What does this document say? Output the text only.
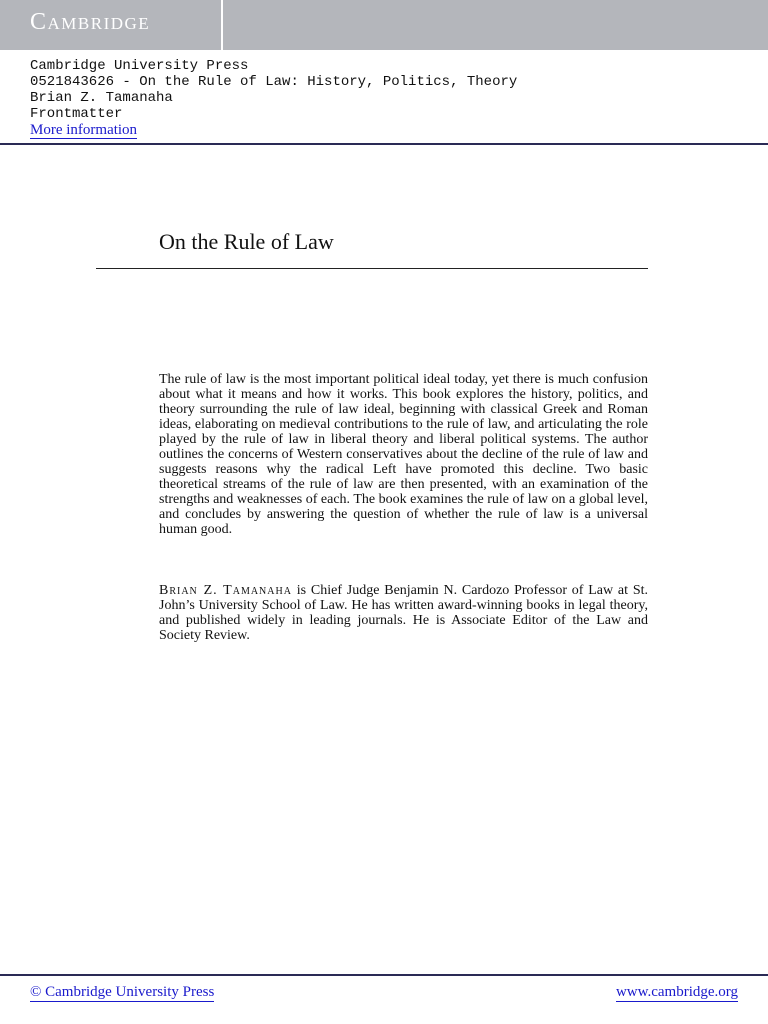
Cambridge
Cambridge University Press
0521843626 - On the Rule of Law: History, Politics, Theory
Brian Z. Tamanaha
Frontmatter
More information
On the Rule of Law

The rule of law is the most important political ideal today, yet there is much confusion about what it means and how it works. This book explores the history, politics, and theory surrounding the rule of law ideal, beginning with classical Greek and Roman ideas, elaborating on medieval contributions to the rule of law, and articulating the role played by the rule of law in liberal theory and liberal political systems. The author outlines the concerns of Western conservatives about the decline of the rule of law and suggests reasons why the radical Left have promoted this decline. Two basic theoretical streams of the rule of law are then presented, with an examination of the strengths and weaknesses of each. The book examines the rule of law on a global level, and concludes by answering the question of whether the rule of law is a universal human good.

Brian Z. Tamanaha is Chief Judge Benjamin N. Cardozo Professor of Law at St. John’s University School of Law. He has written award-winning books in legal theory, and published widely in leading journals. He is Associate Editor of the Law and Society Review.

© Cambridge University Press	www.cambridge.org
